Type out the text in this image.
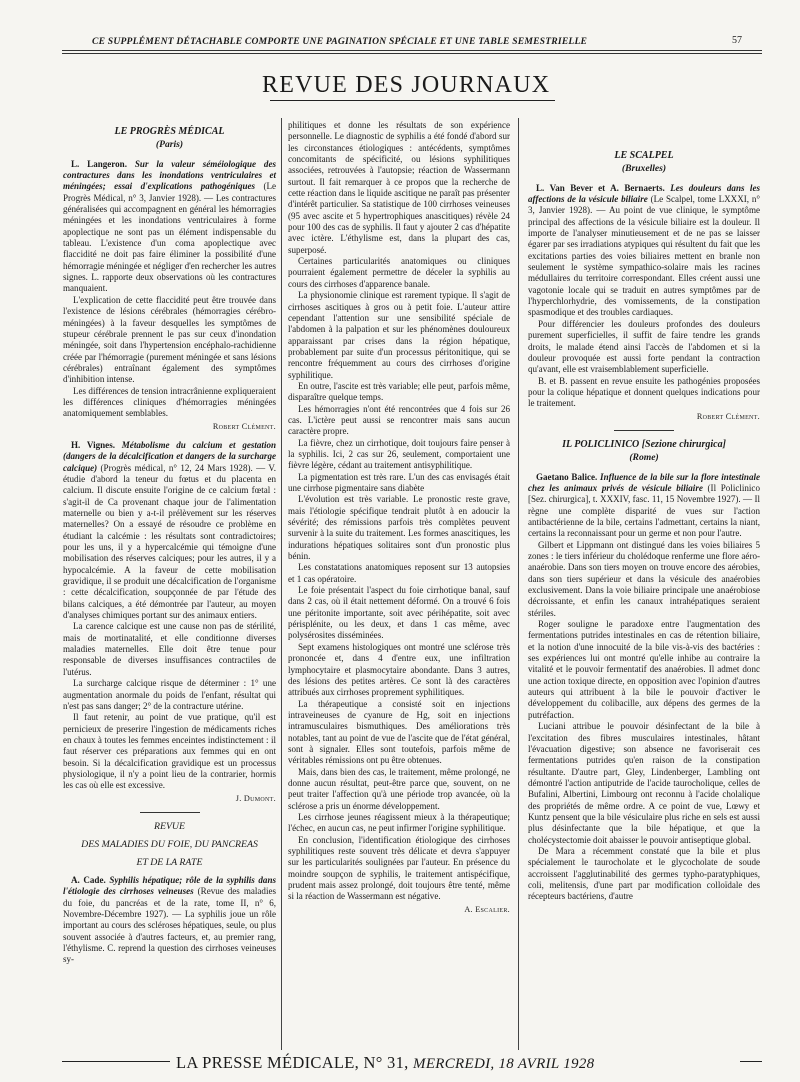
CE SUPPLÉMENT DÉTACHABLE COMPORTE UNE PAGINATION SPÉCIALE ET UNE TABLE SEMESTRIELLE	57
REVUE DES JOURNAUX
LE PROGRÈS MÉDICAL
(Paris)

L. Langeron. Sur la valeur séméiologique des contractures dans les inondations ventriculaires et méningées; essai d'explications pathogéniques (Le Progrès Médical, n° 3, Janvier 1928). — Les contractures généralisées qui accompagnent en général les hémorragies méningées et les inondations ventriculaires à forme apoplectique ne sont pas un élément indispensable du tableau. L'existence d'un coma apoplectique avec flaccidité ne doit pas faire éliminer la possibilité d'une hémorragie méningée et négliger d'en rechercher les autres signes. L. rapporte deux observations où les contractures manquaient.

L'explication de cette flaccidité peut être trouvée dans l'existence de lésions cérébrales (hémorragies cérébro-méningées) à la faveur desquelles les symptômes de stupeur cérébrale prennent le pas sur ceux d'inondation méningée, soit dans l'hypertension encéphalo-rachidienne créée par l'hémorragie (purement méningée et sans lésions cérébrales) entraînant également des symptômes d'inhibition intense.

Les différences de tension intracrânienne expliqueraient les différences cliniques d'hémorragies méningées anatomiquement semblables.

Robert Clément.

H. Vignes. Métabolisme du calcium et gestation (dangers de la décalcification et dangers de la surcharge calcique) (Progrès médical, n° 12, 24 Mars 1928). — V. étudie d'abord la teneur du fœtus et du placenta en calcium. Il discute ensuite l'origine de ce calcium fœtal : s'agit-il de Ca provenant chaque jour de l'alimentation maternelle ou bien y a-t-il prélèvement sur les réserves maternelles? On a essayé de résoudre ce problème en étudiant la calcémie : les résultats sont contradictoires; pour les uns, il y a hypercalcémie qui témoigne d'une mobilisation des réserves calciques; pour les autres, il y a hypocalcémie. A la faveur de cette mobilisation gravidique, il se produit une décalcification de l'organisme : cette décalcification, soupçonnée de par l'étude des bilans calciques, a été démontrée par l'auteur, au moyen d'analyses chimiques portant sur des animaux entiers.

La carence calcique est une cause non pas de stérilité, mais de mortinatalité, et elle conditionne diverses maladies maternelles. Elle doit être tenue pour responsable de diverses insuffisances contractiles de l'utérus.

La surcharge calcique risque de déterminer : 1° une augmentation anormale du poids de l'enfant, résultat qui n'est pas sans danger; 2° de la contracture utérine.

Il faut retenir, au point de vue pratique, qu'il est pernicieux de preserire l'ingestion de médicaments riches en chaux à toutes les femmes enceintes indistinctement : il faut réserver ces préparations aux femmes qui en ont besoin. Si la décalcification gravidique est un processus physiologique, il n'y a point lieu de la contrarier, hormis les cas où elle est excessive.

J. Dumont.
REVUE
DES MALADIES DU FOIE, DU PANCREAS
ET DE LA RATE

A. Cade. Syphilis hépatique; rôle de la syphilis dans l'étiologie des cirrhoses veineuses (Revue des maladies du foie, du pancréas et de la rate, tome II, n° 6, Novembre-Décembre 1927). — La syphilis joue un rôle important au cours des scléroses hépatiques, seule, ou plus souvent associée à d'autres facteurs, et, au premier rang, l'éthylisme. C. reprend la question des cirrhoses veineuses sy-

philitiques et donne les résultats de son expérience personnelle. Le diagnostic de syphilis a été fondé d'abord sur les circonstances étiologiques : antécédents, symptômes concomitants de spécificité, ou lésions syphilitiques associées, retrouvées à l'autopsie; réaction de Wassermann surtout. Il fait remarquer à ce propos que la recherche de cette réaction dans le liquide ascitique ne paraît pas présenter d'intérêt particulier. Sa statistique de 100 cirrhoses veineuses (95 avec ascite et 5 hypertrophiques anascitiques) révèle 24 pour 100 des cas de syphilis. Il faut y ajouter 2 cas d'hépatite avec ictère. L'éthylisme est, dans la plupart des cas, superposé.

Certaines particularités anatomiques ou cliniques pourraient également permettre de déceler la syphilis au cours des cirrhoses d'apparence banale.

La physionomie clinique est rarement typique. Il s'agit de cirrhoses ascitiques à gros ou à petit foie. L'auteur attire cependant l'attention sur une sensibilité spéciale de l'abdomen à la palpation et sur les phénomènes douloureux apparaissant par crises dans la région hépatique, probablement par suite d'un processus péritonitique, qui se rencontre fréquemment au cours des cirrhoses d'origine syphilitique.

En outre, l'ascite est très variable; elle peut, parfois même, disparaître quelque temps.

Les hémorragies n'ont été rencontrées que 4 fois sur 26 cas. L'ictère peut aussi se rencontrer mais sans aucun caractère propre.

La fièvre, chez un cirrhotique, doit toujours faire penser à la syphilis. Ici, 2 cas sur 26, seulement, comportaient une fièvre légère, cédant au traitement antisyphilitique.

La pigmentation est très rare. L'un des cas envisagés était une cirrhose pigmentaire sans diabète

L'évolution est très variable. Le pronostic reste grave, mais l'étiologie spécifique tendrait plutôt à en adoucir la sévérité; des rémissions parfois très complètes peuvent survenir à la suite du traitement. Les formes anascitiques, les indurations hépatiques solitaires sont d'un pronostic plus bénin.

Les constatations anatomiques reposent sur 13 autopsies et 1 cas opératoire.

Le foie présentait l'aspect du foie cirrhotique banal, sauf dans 2 cas, où il était nettement déformé. On a trouvé 6 fois une péritonite importante, soit avec périhépatite, soit avec périsplénite, ou les deux, et dans 1 cas même, avec polysérosites disséminées.

Sept examens histologiques ont montré une sclérose très prononcée et, dans 4 d'entre eux, une infiltration lymphocytaire et plasmocytaire abondante. Dans 3 autres, des lésions des petites artères. Ce sont là des caractères attribués aux cirrhoses proprement syphilitiques.

La thérapeutique a consisté soit en injections intraveineuses de cyanure de Hg, soit en injections intramusculaires bismuthiques. Des améliorations très notables, tant au point de vue de l'ascite que de l'état général, sont à signaler. Elles sont toutefois, parfois même de véritables rémissions ont pu être obtenues.

Mais, dans bien des cas, le traitement, même prolongé, ne donne aucun résultat, peut-être parce que, souvent, on ne peut traiter l'affection qu'à une période trop avancée, où la sclérose a pris un énorme développement.

Les cirrhose jeunes réagissent mieux à la thérapeutique; l'échec, en aucun cas, ne peut infirmer l'origine syphilitique.

En conclusion, l'identification étiologique des cirrhoses syphilitiques reste souvent très délicate et devra s'appuyer sur les particularités soulignées par l'auteur. En présence du moindre soupçon de syphilis, le traitement antispécifique, prudent mais assez prolongé, doit toujours être tenté, même si la réaction de Wassermann est négative.

A. Escalier.
LE SCALPEL
(Bruxelles)

L. Van Bever et A. Bernaerts. Les douleurs dans les affections de la vésicule biliaire (Le Scalpel, tome LXXXI, n° 3, Janvier 1928). — Au point de vue clinique, le symptôme principal des affections de la vésicule biliaire est la douleur. Il importe de l'analyser minutieusement et de ne pas se laisser égarer par ses irradiations atypiques qui résultent du fait que les excitations parties des voies biliaires mettent en branle non seulement le système sympathico-solaire mais les racines médullaires du territoire correspondant. Elles créent aussi une vagotonie locale qui se traduit en autres symptômes par de l'hyperchlorhydrie, des vomissements, de la constipation spasmodique et des troubles cardiaques.

Pour différencier les douleurs profondes des douleurs purement superficielles, il suffit de faire tendre les grands droits, le malade étend ainsi l'accès de l'abdomen et si la douleur provoquée est aussi forte pendant la contraction qu'avant, elle est vraisemblablement superficielle.

B. et B. passent en revue ensuite les pathogénies proposées pour la colique hépatique et donnent quelques indications pour le traitement.

Robert Clément.
IL POLICLINICO [Sezione chirurgica]
(Rome)

Gaetano Balice. Influence de la bile sur la flore intestinale chez les animaux privés de vésicule biliaire (Il Policlinico [Sez. chirurgica], t. XXXIV, fasc. 11, 15 Novembre 1927). — Il règne une complète disparité de vues sur l'action antibactérienne de la bile, certains l'admettant, certains la niant, certains la reconnaissant pour un germe et non pour l'autre.

Gilbert et Lippmann ont distingué dans les voies biliaires 5 zones : le tiers inférieur du cholédoque renferme une flore aéro-anaérobie. Dans son tiers moyen on trouve encore des aérobies, dans son tiers supérieur et dans la vésicule des anaérobies exclusivement. Dans la voie biliaire principale une anaérobiose décroissante, et enfin les canaux intrahépatiques seraient stériles.

Roger souligne le paradoxe entre l'augmentation des fermentations putrides intestinales en cas de rétention biliaire, et la notion d'une innocuité de la bile vis-à-vis des bactéries : ses expériences lui ont montré qu'elle inhibe au contraire la vitalité et le pouvoir fermentatif des anaérobies. Il admet donc une action toxique directe, en opposition avec l'opinion d'autres auteurs qui attribuent à la bile le pouvoir d'activer le développement du colibacille, aux dépens des germes de la putréfaction.

Luciani attribue le pouvoir désinfectant de la bile à l'excitation des fibres musculaires intestinales, hâtant l'évacuation digestive; son absence ne favoriserait ces fermentations putrides qu'en raison de la constipation résultante. D'autre part, Gley, Lindenberger, Lambling ont démontré l'action antiputride de l'acide taurocholique, celles de Bufalini, Albertini, Limbourg ont reconnu à l'acide cholalique des propriétés de même ordre. A ce point de vue, Lœwy et Kuntz pensent que la bile vésiculaire plus riche en sels est aussi plus désinfectante que la bile hépatique, et que la cholécystectomie doit abaisser le pouvoir antiseptique global.

De Mara a récemment constaté que la bile et plus spécialement le taurocholate et le glycocholate de soude accroissent l'agglutinabilité des germes typho-paratyphiques, coli, melitensis, d'une part par modification colloïdale des récepteurs bactériens, d'autre

LA PRESSE MÉDICALE, N° 31, MERCREDI, 18 AVRIL 1928
